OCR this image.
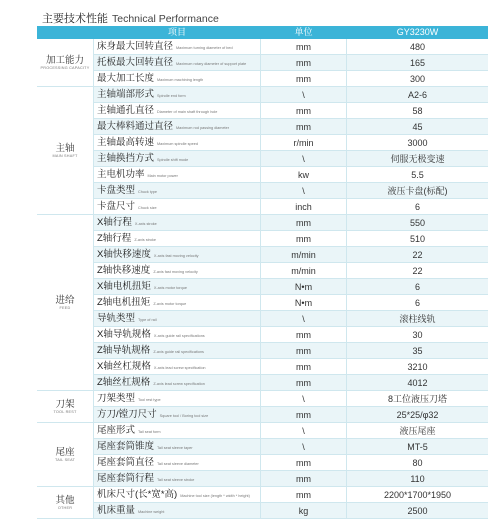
主要技术性能 Technical Performance
	项目	单位	GY3230W

加工能力
PROCESSING CAPACITY	床身最大回转直径 Maximum turning diameter of bed	mm	480
	托板最大回转直径 Maximum rotary diameter of support plate	mm	165
	最大加工长度 Maximum machining length	mm	300

主轴
MAIN SHAFT	主轴端部形式 Spindle end form	\	A2-6
	主轴通孔直径 Diameter of main shaft through hole	mm	58
	最大棒料通过直径 Maximum rod passing diameter	mm	45
	主轴最高转速 Maximum spindle speed	r/min	3000
	主轴换挡方式 Spindle shift mode	\	伺服无极变速
	主电机功率 Main motor power	kw	5.5
	卡盘类型 Chuck type	\	液压卡盘(标配)
	卡盘尺寸 Chuck size	inch	6

进给
FEED	X轴行程 X-axis stroke	mm	550
	Z轴行程 Z-axis stroke	mm	510
	X轴快移速度 X-axis fast moving velocity	m/min	22
	Z轴快移速度 Z-axis fast moving velocity	m/min	22
	X轴电机扭矩 X-axis motor torque	N•m	6
	Z轴电机扭矩 Z-axis motor torque	N•m	6
	导轨类型 Type of rail	\	滚柱线轨
	X轴导轨规格 X-axis guide rail specifications	mm	30
	Z轴导轨规格 Z-axis guide rail specifications	mm	35
	X轴丝杠规格 X-axis lead screw specification	mm	3210
	Z轴丝杠规格 Z-axis lead screw specification	mm	4012

刀架
TOOL REST	刀架类型 Tool rest type	\	8工位液压刀塔
	方刀/镗刀尺寸 Square tool / Boring tool size	mm	25*25/φ32

尾座
TAIL SEAT	尾座形式 Tail seat form	\	液压尾座
	尾座套筒锥度 Tail seat sleeve taper	\	MT-5
	尾座套筒直径 Tail seat sleeve diameter	mm	80
	尾座套筒行程 Tail seat sleeve stroke	mm	110

其他
OTHER	机床尺寸(长*宽*高) Machine tool size (length * width * height)	mm	2200*1700*1950
	机床重量 Machine weight	kg	2500
